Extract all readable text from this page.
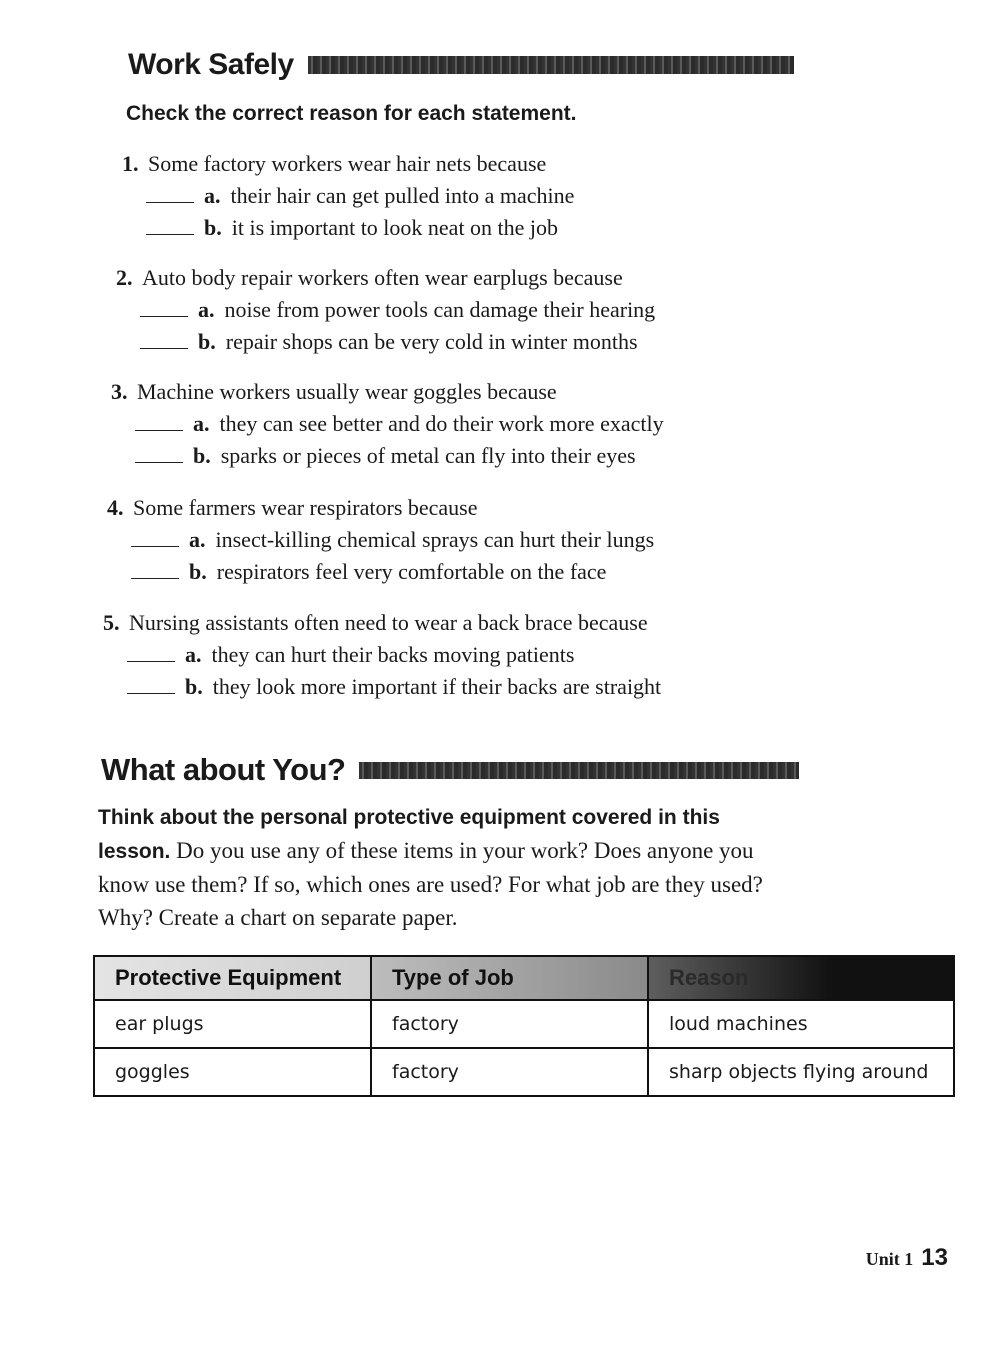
Work Safely
Check the correct reason for each statement.
1. Some factory workers wear hair nets because
a. their hair can get pulled into a machine
b. it is important to look neat on the job
2. Auto body repair workers often wear earplugs because
a. noise from power tools can damage their hearing
b. repair shops can be very cold in winter months
3. Machine workers usually wear goggles because
a. they can see better and do their work more exactly
b. sparks or pieces of metal can fly into their eyes
4. Some farmers wear respirators because
a. insect-killing chemical sprays can hurt their lungs
b. respirators feel very comfortable on the face
5. Nursing assistants often need to wear a back brace because
a. they can hurt their backs moving patients
b. they look more important if their backs are straight
What about You?
Think about the personal protective equipment covered in this lesson. Do you use any of these items in your work? Does anyone you know use them? If so, which ones are used? For what job are they used? Why? Create a chart on separate paper.
Protective Equipment	Type of Job	Reason
ear plugs	factory	loud machines
goggles	factory	sharp objects flying around
Unit 1 13
